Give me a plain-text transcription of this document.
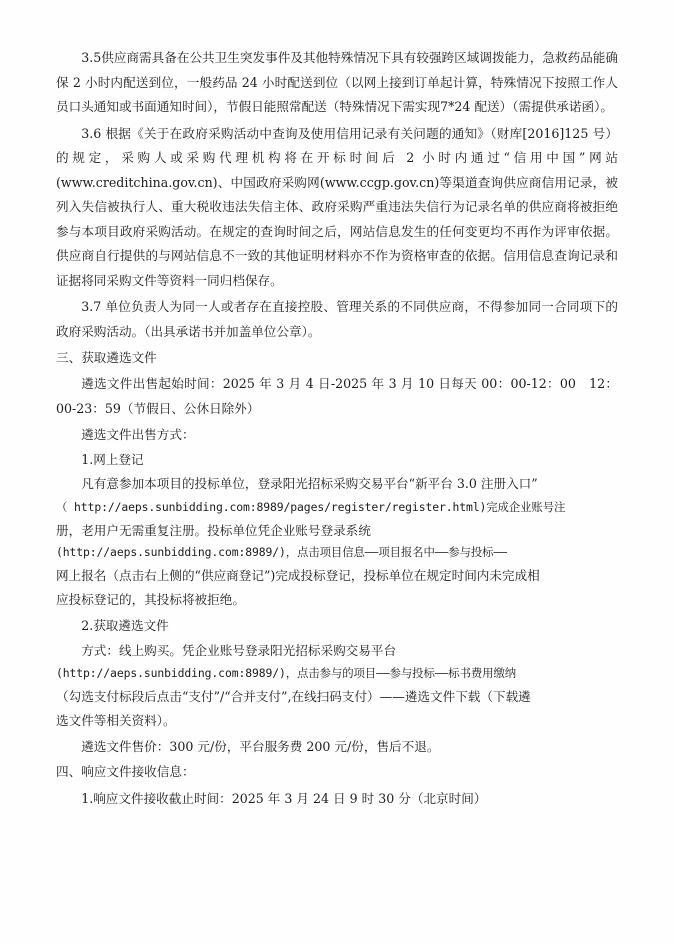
3.5供应商需具备在公共卫生突发事件及其他特殊情况下具有较强跨区域调拨能力，急救药品能确保 2 小时内配送到位，一般药品 24 小时配送到位（以网上接到订单起计算，特殊情况下按照工作人员口头通知或书面通知时间），节假日能照常配送（特殊情况下需实现7*24 配送）（需提供承诺函）。

3.6 根据《关于在政府采购活动中查询及使用信用记录有关问题的通知》（财库[2016]125 号）的规定，采购人或采购代理机构将在开标时间后 2 小时内通过“信用中国”网站(www.creditchina.gov.cn)、中国政府采购网(www.ccgp.gov.cn)等渠道查询供应商信用记录，被列入失信被执行人、重大税收违法失信主体、政府采购严重违法失信行为记录名单的供应商将被拒绝参与本项目政府采购活动。在规定的查询时间之后，网站信息发生的任何变更均不再作为评审依据。供应商自行提供的与网站信息不一致的其他证明材料亦不作为资格审查的依据。信用信息查询记录和证据将同采购文件等资料一同归档保存。

3.7 单位负责人为同一人或者存在直接控股、管理关系的不同供应商，不得参加同一合同项下的政府采购活动。（出具承诺书并加盖单位公章）。

三、获取遴选文件

遴选文件出售起始时间：2025 年 3 月 4 日-2025 年 3 月 10 日每天 00：00-12：00　12：00-23：59（节假日、公休日除外）

遴选文件出售方式：

1.网上登记

凡有意参加本项目的投标单位，登录阳光招标采购交易平台“新平台 3.0 注册入口”

（ http://aeps.sunbidding.com:8989/pages/register/register.html)完成企业账号注

册，老用户无需重复注册。投标单位凭企业账号登录系统

(http://aeps.sunbidding.com:8989/)，点击项目信息——项目报名中——参与投标——

网上报名（点击右上侧的“供应商登记”)完成投标登记，投标单位在规定时间内未完成相

应投标登记的，其投标将被拒绝。

2.获取遴选文件

方式：线上购买。凭企业账号登录阳光招标采购交易平台

(http://aeps.sunbidding.com:8989/)，点击参与的项目——参与投标——标书费用缴纳

（勾选支付标段后点击“支付”/“合并支付”,在线扫码支付）——遴选文件下载（下载遴

选文件等相关资料）。

遴选文件售价：300 元/份，平台服务费 200 元/份，售后不退。

四、响应文件接收信息：

1.响应文件接收截止时间：2025 年 3 月 24 日 9 时 30 分（北京时间）
